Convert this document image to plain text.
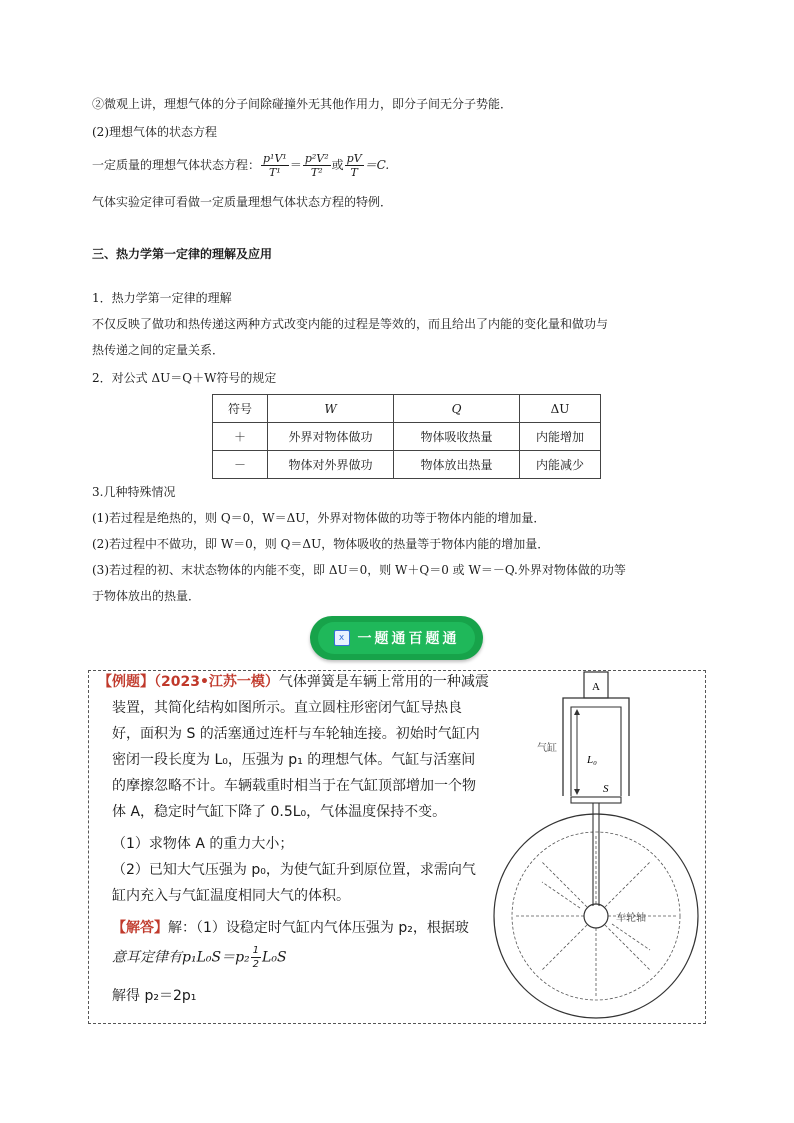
②微观上讲，理想气体的分子间除碰撞外无其他作用力，即分子间无分子势能．
(2)理想气体的状态方程
一定质量的理想气体状态方程： $\frac{\text{p¹V¹}}{\text{T¹}} = \frac{\text{p²V²}}{\text{T²}}$ 或 $\frac{pV}{T} =C$.
气体实验定律可看做一定质量理想气体状态方程的特例．
三、热力学第一定律的理解及应用
1．热力学第一定律的理解
不仅反映了做功和热传递这两种方式改变内能的过程是等效的，而且给出了内能的变化量和做功与
热传递之间的定量关系．
2．对公式 ΔU＝Q＋W符号的规定
符号	W	Q	ΔU
＋	外界对物体做功	物体吸收热量	内能增加
－	物体对外界做功	物体放出热量	内能减少
3.几种特殊情况
(1)若过程是绝热的，则 Q＝0，W＝ΔU，外界对物体做的功等于物体内能的增加量．
(2)若过程中不做功，即 W＝0，则 Q＝ΔU，物体吸收的热量等于物体内能的增加量．
(3)若过程的初、末状态物体的内能不变，即 ΔU＝0，则 W＋Q＝0 或 W＝－Q.外界对物体做的功等
于物体放出的热量．
x 一题通百题通
【例题】（2023•江苏一模）气体弹簧是车辆上常用的一种减震
装置，其简化结构如图所示。直立圆柱形密闭气缸导热良
好，面积为 S 的活塞通过连杆与车轮轴连接。初始时气缸内
密闭一段长度为 L₀，压强为 p₁ 的理想气体。气缸与活塞间
的摩擦忽略不计。车辆载重时相当于在气缸顶部增加一个物
体 A，稳定时气缸下降了 0.5L₀，气体温度保持不变。
（1）求物体 A 的重力大小；
（2）已知大气压强为 p₀，为使气缸升到原位置，求需向气
缸内充入与气缸温度相同大气的体积。
【解答】解：（1）设稳定时气缸内气体压强为 p₂，根据玻
意耳定律有$p_1L_0S=p_2 \frac{1}{2} L_0S$
解得 p₂＝2p₁
A
L₀
S
气缸
车轮轴
